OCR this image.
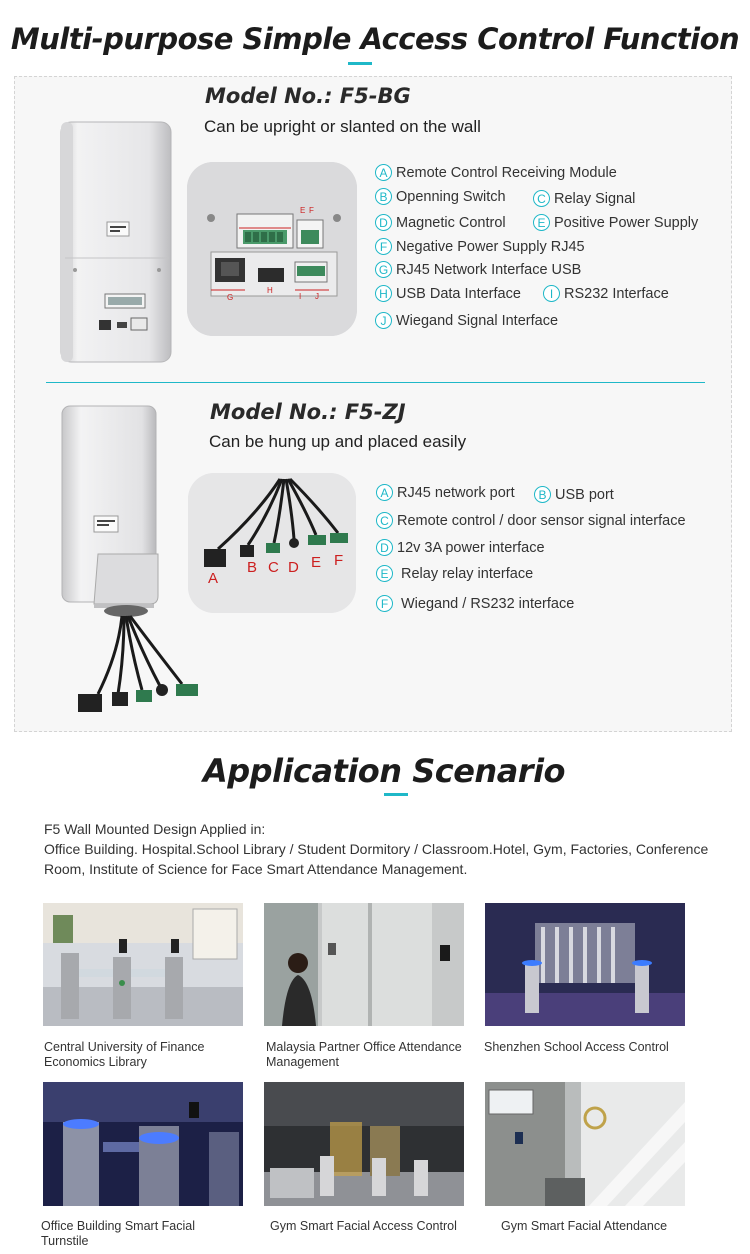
Multi-purpose Simple Access Control Function
E F
G
H
I J
Model No.: F5-BG
Can be upright or slanted on the wall
A Remote Control Receiving Module
B Openning Switch	C Relay Signal
D Magnetic Control	E Positive Power Supply
F Negative Power Supply RJ45
G RJ45 Network Interface USB
H USB Data Interface	I RS232 Interface
J Wiegand Signal Interface
A
B C D E F
Model No.: F5-ZJ
Can be hung up and placed easily
A RJ45 network port	B USB port
C Remote control / door sensor signal interface
D 12v 3A power interface
E Relay relay interface
F Wiegand / RS232 interface
Application Scenario
F5 Wall Mounted Design Applied in:
Office Building. Hospital.School Library / Student Dormitory / Classroom.Hotel, Gym, Factories, Conference Room, Institute of Science for Face Smart Attendance Management.
Central University of Finance Economics Library
Malaysia Partner Office Attendance Management
Shenzhen School Access Control
Office Building Smart Facial Turnstile
Gym Smart Facial Access Control	Gym Smart Facial Attendance
